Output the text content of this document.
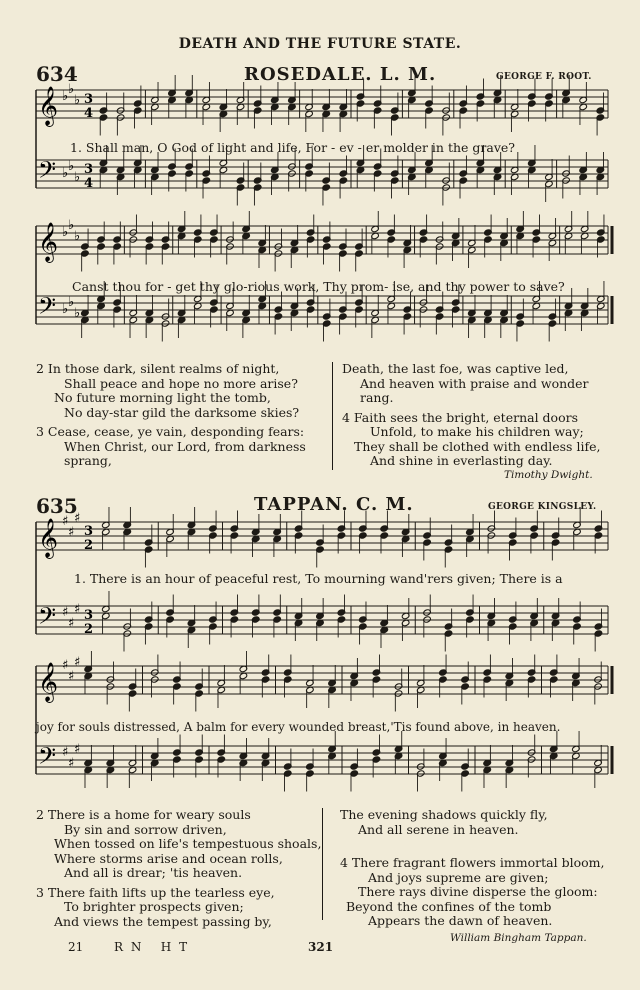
DEATH AND THE FUTURE STATE.
634	ROSEDALE. L. M.	GEORGE F. ROOT.
𝄞
𝄢
♭ ♭
♭
♭ ♭
♭
3
4
3
4
1. Shall man, O God of light and life, For - ev - er molder in the grave?
𝄞
𝄢
♭ ♭
♭
♭ ♭
♭
Canst thou for - get thy glo-rious work, Thy prom- ise, and thy power to save?
2 In those dark, silent realms of night,
Shall peace and hope no more arise?
No future morning light the tomb,
No day-star gild the darksome skies?
3 Cease, cease, ye vain, desponding fears:
When Christ, our Lord, from darkness
sprang,
Death, the last foe, was captive led,
And heaven with praise and wonder
rang.
4 Faith sees the bright, eternal doors
Unfold, to make his children way;
They shall be clothed with endless life,
And shine in everlasting day.
Timothy Dwight.
635	TAPPAN. C. M.	GEORGE KINGSLEY.
𝄞
𝄢
♯
♯
♯
♯
♯
♯
3
2
3
2
1. There is an hour of peaceful rest, To mourning wand'rers given; There is a
𝄞
𝄢
♯
♯
♯
♯
♯
♯
joy for souls distressed, A balm for every wounded breast,'Tis found above, in heaven.
2 There is a home for weary souls
By sin and sorrow driven,
When tossed on life's tempestuous shoals,
Where storms arise and ocean rolls,
And all is drear; 'tis heaven.
3 There faith lifts up the tearless eye,
To brighter prospects given;
And views the tempest passing by,
The evening shadows quickly fly,
And all serene in heaven.
4 There fragrant flowers immortal bloom,
And joys supreme are given;
There rays divine disperse the gloom:
Beyond the confines of the tomb
Appears the dawn of heaven.
William Bingham Tappan.
21	R N   H T	321
